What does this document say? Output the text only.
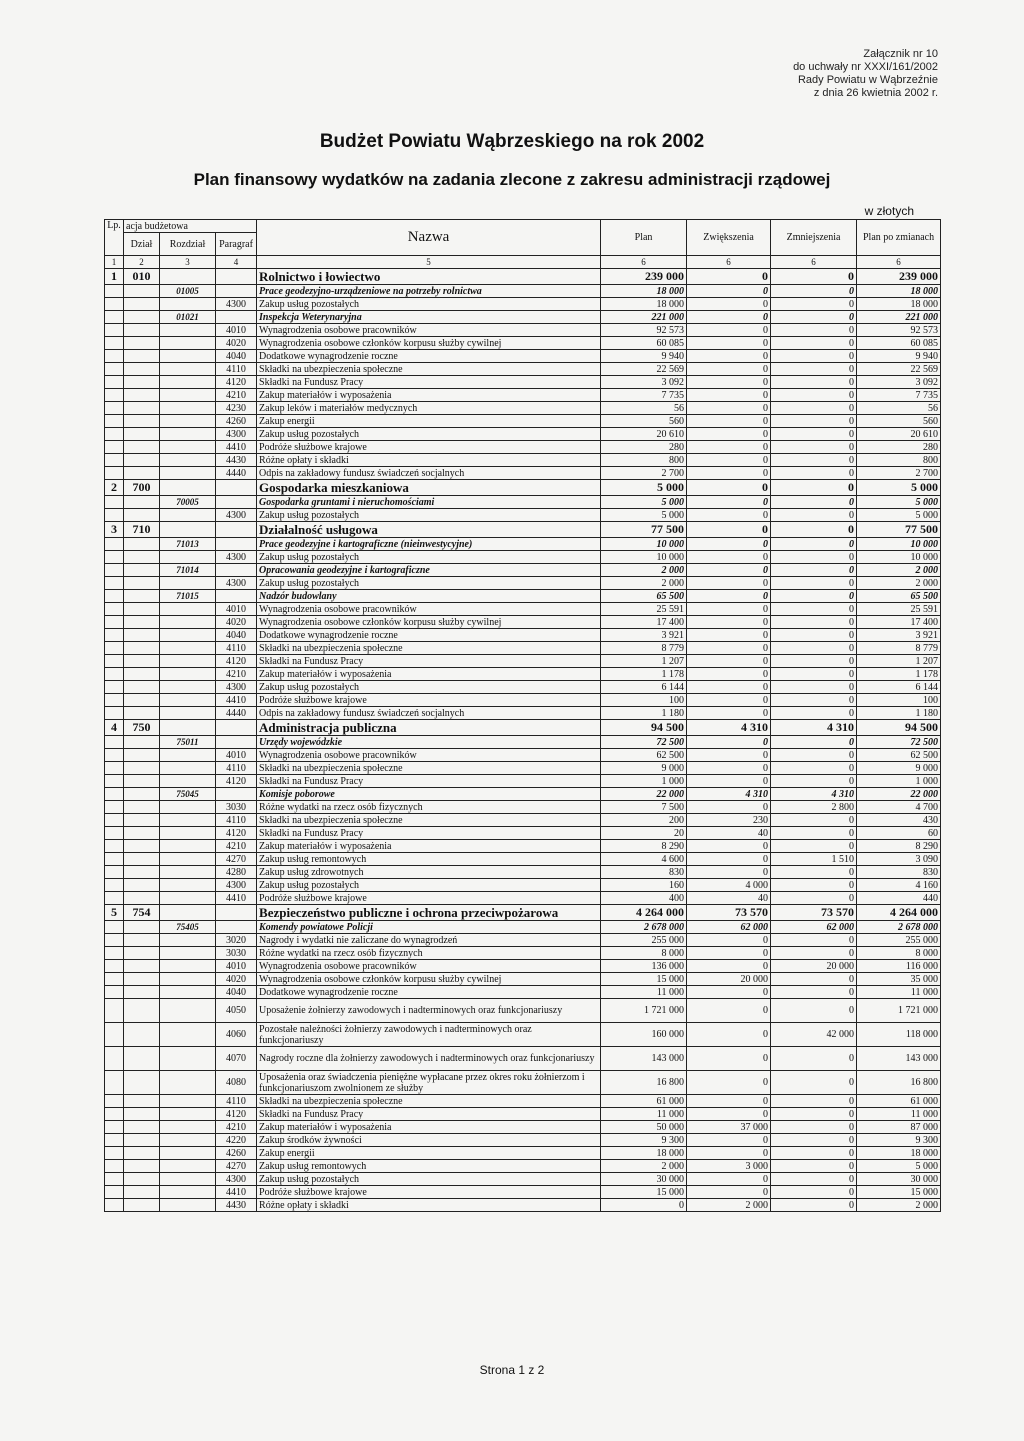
Załącznik nr 10
do uchwały nr XXXI/161/2002
Rady Powiatu w Wąbrzeźnie
z dnia 26 kwietnia 2002 r.
Budżet Powiatu Wąbrzeskiego na rok 2002
Plan finansowy wydatków na zadania zlecone z zakresu administracji rządowej
w złotych
Lp.	acja budżetowa			Nazwa	Plan	Zwiększenia	Zmniejszenia	Plan po zmianach
	Dział	Rozdział	Paragraf					
1	2	3	4	5	6	6	6	6
1	010			Rolnictwo i łowiectwo	239 000	0	0	239 000
		01005		Prace geodezyjno-urządzeniowe na potrzeby rolnictwa	18 000	0	0	18 000
			4300	Zakup usług pozostałych	18 000	0	0	18 000
		01021		Inspekcja Weterynaryjna	221 000	0	0	221 000
			4010	Wynagrodzenia osobowe pracowników	92 573	0	0	92 573
			4020	Wynagrodzenia osobowe członków korpusu służby cywilnej	60 085	0	0	60 085
			4040	Dodatkowe wynagrodzenie roczne	9 940	0	0	9 940
			4110	Składki na ubezpieczenia społeczne	22 569	0	0	22 569
			4120	Składki na Fundusz Pracy	3 092	0	0	3 092
			4210	Zakup materiałów i wyposażenia	7 735	0	0	7 735
			4230	Zakup leków i materiałów medycznych	56	0	0	56
			4260	Zakup energii	560	0	0	560
			4300	Zakup usług pozostałych	20 610	0	0	20 610
			4410	Podróże służbowe krajowe	280	0	0	280
			4430	Różne opłaty i składki	800	0	0	800
			4440	Odpis na zakładowy fundusz świadczeń socjalnych	2 700	0	0	2 700
2	700			Gospodarka mieszkaniowa	5 000	0	0	5 000
		70005		Gospodarka gruntami i nieruchomościami	5 000	0	0	5 000
			4300	Zakup usług pozostałych	5 000	0	0	5 000
3	710			Działalność usługowa	77 500	0	0	77 500
		71013		Prace geodezyjne i kartograficzne (nieinwestycyjne)	10 000	0	0	10 000
			4300	Zakup usług pozostałych	10 000	0	0	10 000
		71014		Opracowania geodezyjne i kartograficzne	2 000	0	0	2 000
			4300	Zakup usług pozostałych	2 000	0	0	2 000
		71015		Nadzór budowlany	65 500	0	0	65 500
			4010	Wynagrodzenia osobowe pracowników	25 591	0	0	25 591
			4020	Wynagrodzenia osobowe członków korpusu służby cywilnej	17 400	0	0	17 400
			4040	Dodatkowe wynagrodzenie roczne	3 921	0	0	3 921
			4110	Składki na ubezpieczenia społeczne	8 779	0	0	8 779
			4120	Składki na Fundusz Pracy	1 207	0	0	1 207
			4210	Zakup materiałów i wyposażenia	1 178	0	0	1 178
			4300	Zakup usług pozostałych	6 144	0	0	6 144
			4410	Podróże służbowe krajowe	100	0	0	100
			4440	Odpis na zakładowy fundusz świadczeń socjalnych	1 180	0	0	1 180
4	750			Administracja publiczna	94 500	4 310	4 310	94 500
		75011		Urzędy wojewódzkie	72 500	0	0	72 500
			4010	Wynagrodzenia osobowe pracowników	62 500	0	0	62 500
			4110	Składki na ubezpieczenia społeczne	9 000	0	0	9 000
			4120	Składki na Fundusz Pracy	1 000	0	0	1 000
		75045		Komisje poborowe	22 000	4 310	4 310	22 000
			3030	Różne wydatki na rzecz osób fizycznych	7 500	0	2 800	4 700
			4110	Składki na ubezpieczenia społeczne	200	230	0	430
			4120	Składki na Fundusz Pracy	20	40	0	60
			4210	Zakup materiałów i wyposażenia	8 290	0	0	8 290
			4270	Zakup usług remontowych	4 600	0	1 510	3 090
			4280	Zakup usług zdrowotnych	830	0	0	830
			4300	Zakup usług pozostałych	160	4 000	0	4 160
			4410	Podróże służbowe krajowe	400	40	0	440
5	754			Bezpieczeństwo publiczne i ochrona przeciwpożarowa	4 264 000	73 570	73 570	4 264 000
		75405		Komendy powiatowe Policji	2 678 000	62 000	62 000	2 678 000
			3020	Nagrody i wydatki nie zaliczane do wynagrodzeń	255 000	0	0	255 000
			3030	Różne wydatki na rzecz osób fizycznych	8 000	0	0	8 000
			4010	Wynagrodzenia osobowe pracowników	136 000	0	20 000	116 000
			4020	Wynagrodzenia osobowe członków korpusu służby cywilnej	15 000	20 000	0	35 000
			4040	Dodatkowe wynagrodzenie roczne	11 000	0	0	11 000
			4050	Uposażenie żołnierzy zawodowych i nadterminowych oraz funkcjonariuszy	1 721 000	0	0	1 721 000
			4060	Pozostałe należności żołnierzy zawodowych i nadterminowych oraz funkcjonariuszy	160 000	0	42 000	118 000
			4070	Nagrody roczne dla żołnierzy zawodowych i nadterminowych oraz funkcjonariuszy	143 000	0	0	143 000
			4080	Uposażenia oraz świadczenia pieniężne wypłacane przez okres roku żołnierzom i funkcjonariuszom zwolnionem ze służby	16 800	0	0	16 800
			4110	Składki na ubezpieczenia społeczne	61 000	0	0	61 000
			4120	Składki na Fundusz Pracy	11 000	0	0	11 000
			4210	Zakup materiałów i wyposażenia	50 000	37 000	0	87 000
			4220	Zakup środków żywności	9 300	0	0	9 300
			4260	Zakup energii	18 000	0	0	18 000
			4270	Zakup usług remontowych	2 000	3 000	0	5 000
			4300	Zakup usług pozostałych	30 000	0	0	30 000
			4410	Podróże służbowe krajowe	15 000	0	0	15 000
			4430	Różne opłaty i składki	0	2 000	0	2 000
Strona 1 z 2
